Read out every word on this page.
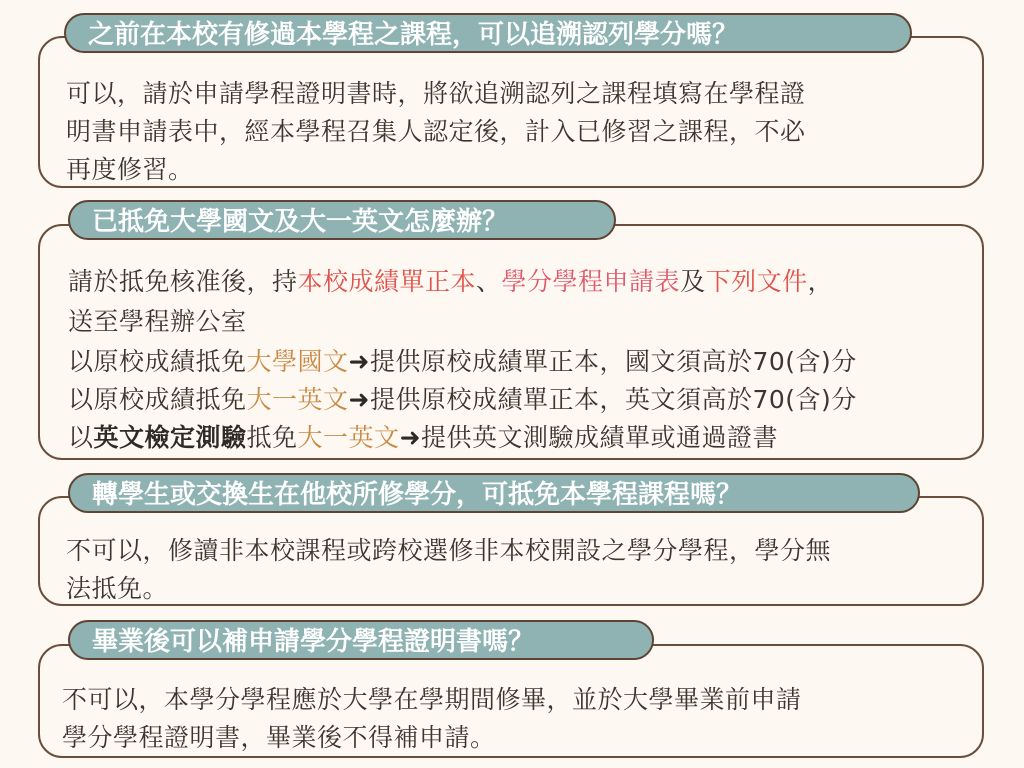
之前在本校有修過本學程之課程，可以追溯認列學分嗎？
可以，請於申請學程證明書時，將欲追溯認列之課程填寫在學程證
明書申請表中，經本學程召集人認定後，計入已修習之課程，不必
再度修習。
已抵免大學國文及大一英文怎麼辦？
請於抵免核准後，持本校成績單正本、學分學程申請表及下列文件，
送至學程辦公室
以原校成績抵免大學國文➜提供原校成績單正本，國文須高於70(含)分
以原校成績抵免大一英文➜提供原校成績單正本，英文須高於70(含)分
以英文檢定測驗抵免大一英文➜提供英文測驗成績單或通過證書
轉學生或交換生在他校所修學分，可抵免本學程課程嗎？
不可以，修讀非本校課程或跨校選修非本校開設之學分學程，學分無
法抵免。
畢業後可以補申請學分學程證明書嗎？
不可以，本學分學程應於大學在學期間修畢，並於大學畢業前申請
學分學程證明書，畢業後不得補申請。
